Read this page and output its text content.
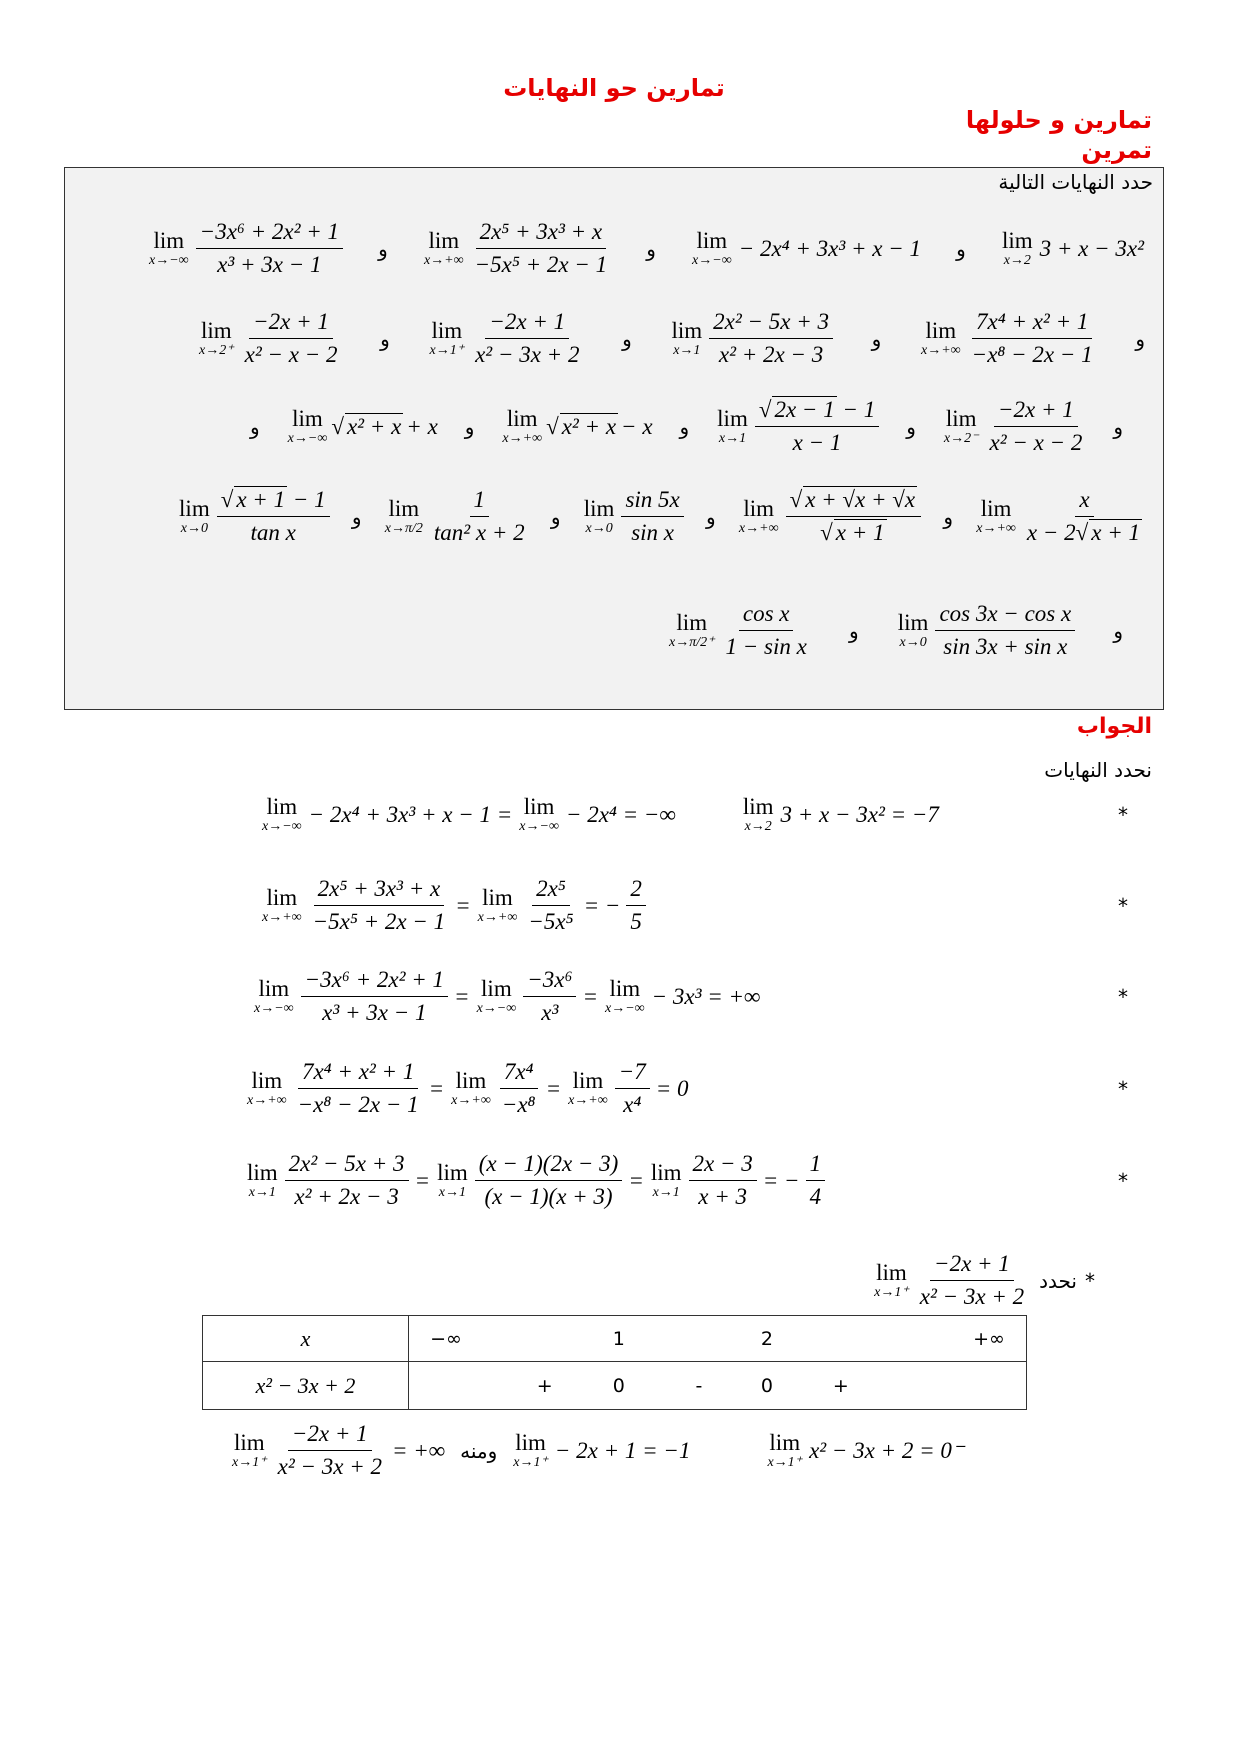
تمارين حو النهايات
تمارين و حلولها
تمرين
حدد النهايات التالية
lim
x→2 3 + x − 3x²
و
lim
x→−∞ − 2x⁴ + 3x³ + x − 1
و
lim
$x\to+\infty \frac{\text{2x⁵ + 3x³ + x}}{\text{−5x⁵ + 2x − 1}}$
و
lim
$x\to-\infty \frac{\text{−3x⁶ + 2x² + 1}}{\text{x³ + 3x − 1}}$
و
lim
$x\to+\infty \frac{\text{7x⁴ + x² + 1}}{\text{−x⁸ − 2x − 1}}$
و
lim
$x\to 1 \frac{\text{2x² − 5x + 3}}{\text{x² + 2x − 3}}$
و
lim
$x\to 1^+ \frac{-2x + 1}{\text{x² − 3x + 2}}$
و
lim
$x\to 2^+ \frac{-2x + 1}{\text{x² − x − 2}}$
و
lim
$x\to 2^- \frac{-2x + 1}{\text{x² − x − 2}}$
و
lim
$x\to 1 \frac{√ 2x - 1 - 1}{x - 1}$
و
lim
x→+∞ √ x² + x − x
و
lim
x→−∞ √ x² + x + x
و
lim
$x\to+\infty \frac{x}{x - 2√ x + 1}$
و
lim
$x\to+\infty \frac{√ x + √x + √x}{√ x + 1}$
و
lim
$x\to 0 \frac{\sin 5x}{\text{sin x}}$
و
lim
$x\to\pi/2 \frac{1}{\text{tan² x + 2}}$
و
lim
$x\to 0 \frac{√ x + 1 - 1}{\text{tan x}}$
و
lim
$x\to 0 \frac{\text{cos 3x − cos x}}{\text{sin 3x + sin x}}$
و
lim
$x\to\pi/2^+ \frac{\text{cos x}}{\text{1 − sin x}}$
الجواب
نحدد النهايات
lim
x→−∞ − 2x⁴ + 3x³ + x − 1 = lim
x→−∞ − 2x⁴ = −∞	lim
x→2 3 + x − 3x² = −7	*
lim
$x\to+\infty \frac{\text{2x⁵ + 3x³ + x}}{\text{−5x⁵ + 2x − 1}} = \lim$
$x\to+\infty \frac{\text{2x⁵}}{\text{−5x⁵}}$ = − $\frac{2}{5}$	*
lim
$x\to-\infty \frac{\text{−3x⁶ + 2x² + 1}}{\text{x³ + 3x − 1}} = \lim$
$x\to-\infty \frac{\text{−3x⁶}}{\text{x³}} = \lim$
x→−∞ − 3x³ = +∞	*
lim
$x\to+\infty \frac{\text{7x⁴ + x² + 1}}{\text{−x⁸ − 2x − 1}} = \lim$
$x\to+\infty \frac{\text{7x⁴}}{\text{−x⁸}} = \lim$
$x\to+\infty \frac{-7}{\text{x⁴}} = 0$	*
lim
$x\to 1 \frac{\text{2x² − 5x + 3}}{\text{x² + 2x − 3}} = \lim$
$x\to 1 \frac{(x - 1)(2x - 3)}{(x - 1)(x + 3)} = \lim$
$x\to 1 \frac{2x - 3}{x + 3}$ = − $\frac{1}{4}$	*
lim
$x\to 1^+ \frac{-2x + 1}{\text{x² − 3x + 2}}$ نحدد *
x	−∞ 1 2 +∞

x² − 3x + 2	+ 0 - 0 +
lim
$x\to 1^+ \frac{-2x + 1}{\text{x² − 3x + 2}}$ = +∞ ومنه lim
x→1⁺ − 2x + 1 = −1	lim
x→1⁺ x² − 3x + 2 = 0⁻
